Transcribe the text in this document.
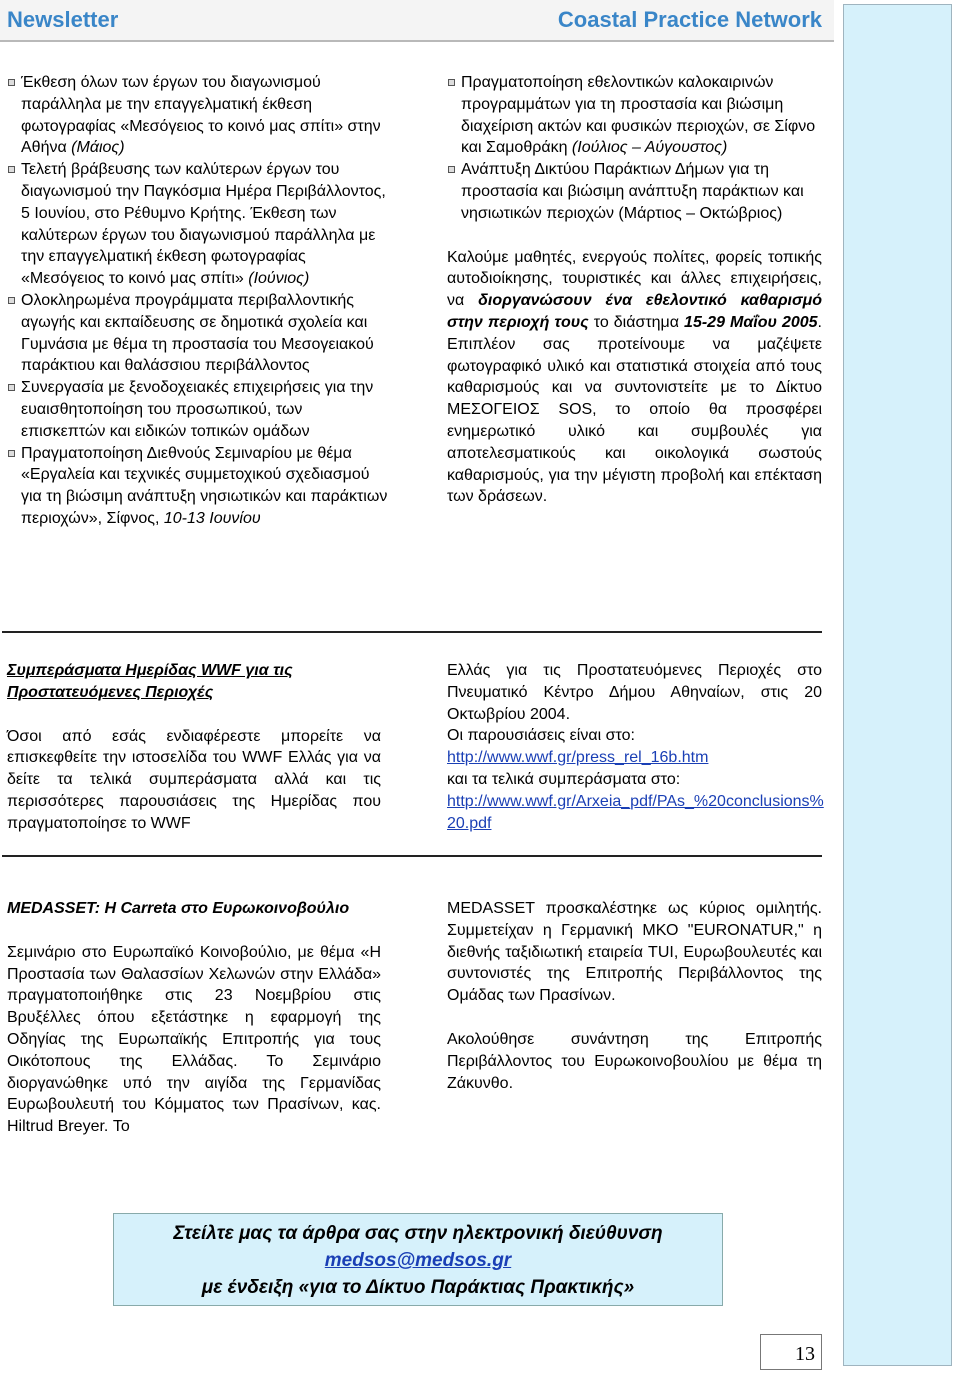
Newsletter	Coastal Practice Network
Έκθεση όλων των έργων του διαγωνισμού παράλληλα με την επαγγελματική έκθεση φωτογραφίας «Μεσόγειος το κοινό μας σπίτι» στην Αθήνα (Μάιος)
Τελετή βράβευσης των καλύτερων έργων του διαγωνισμού την Παγκόσμια Ημέρα Περιβάλλοντος, 5 Ιουνίου, στο Ρέθυμνο Κρήτης. Έκθεση των καλύτερων έργων του διαγωνισμού παράλληλα με την επαγγελματική έκθεση φωτογραφίας «Μεσόγειος το κοινό μας σπίτι» (Ιούνιος)
Ολοκληρωμένα προγράμματα περιβαλλοντικής αγωγής και εκπαίδευσης σε δημοτικά σχολεία και Γυμνάσια με θέμα τη προστασία του Μεσογειακού παράκτιου και θαλάσσιου περιβάλλοντος
Συνεργασία με ξενοδοχειακές επιχειρήσεις για την ευαισθητοποίηση του προσωπικού, των επισκεπτών και ειδικών τοπικών ομάδων
Πραγματοποίηση Διεθνούς Σεμιναρίου με θέμα «Εργαλεία και τεχνικές συμμετοχικού σχεδιασμού για τη βιώσιμη ανάπτυξη νησιωτικών και παράκτιων περιοχών», Σίφνος, 10-13 Ιουνίου
Πραγματοποίηση εθελοντικών καλοκαιρινών προγραμμάτων για τη προστασία και βιώσιμη διαχείριση ακτών και φυσικών περιοχών, σε Σίφνο και Σαμοθράκη (Ιούλιος – Αύγουστος)
Ανάπτυξη Δικτύου Παράκτιων Δήμων για τη προστασία και βιώσιμη ανάπτυξη παράκτιων και νησιωτικών περιοχών (Μάρτιος – Οκτώβριος)

Καλούμε μαθητές, ενεργούς πολίτες, φορείς τοπικής αυτοδιοίκησης, τουριστικές και άλλες επιχειρήσεις, να διοργανώσουν ένα εθελοντικό καθαρισμό στην περιοχή τους το διάστημα 15-29 Μαΐου 2005. Επιπλέον σας προτείνουμε να μαζέψετε φωτογραφικό υλικό και στατιστικά στοιχεία από τους καθαρισμούς και να συντονιστείτε με το Δίκτυο ΜΕΣΟΓΕΙΟΣ SOS, το οποίο θα προσφέρει ενημερωτικό υλικό και συμβουλές για αποτελεσματικούς και οικολογικά σωστούς καθαρισμούς, για την μέγιστη προβολή και επέκταση των δράσεων.

Συμπεράσματα Ημερίδας WWF για τις Προστατευόμενες Περιοχές

Όσοι από εσάς ενδιαφέρεστε μπορείτε να επισκεφθείτε την ιστοσελίδα του WWF Ελλάς για να δείτε τα τελικά συμπεράσματα αλλά και τις περισσότερες παρουσιάσεις της Ημερίδας που πραγματοποίησε το WWF

Ελλάς για τις Προστατευόμενες Περιοχές στο Πνευματικό Κέντρο Δήμου Αθηναίων, στις 20 Οκτωβρίου 2004.

Οι παρουσιάσεις είναι στο:

http://www.wwf.gr/press_rel_16b.htm

και τα τελικά συμπεράσματα στο:

http://www.wwf.gr/Arxeia_pdf/PAs_%20conclusions%20.pdf

MEDASSET: H Carreta στο Ευρωκοινοβούλιο

Σεμινάριο στο Ευρωπαϊκό Κοινοβούλιο, με θέμα «Η Προστασία των Θαλασσίων Χελωνών στην Ελλάδα» πραγματοποιήθηκε στις 23 Νοεμβρίου στις Βρυξέλλες όπου εξετάστηκε η εφαρμογή της Οδηγίας της Ευρωπαϊκής Επιτροπής για τους Οικότοπους της Ελλάδας. Το Σεμινάριο διοργανώθηκε υπό την αιγίδα της Γερμανίδας Ευρωβουλευτή του Κόμματος των Πρασίνων, κας. Hiltrud Breyer. Το

MEDASSET προσκαλέστηκε ως κύριος ομιλητής. Συμμετείχαν η Γερμανική ΜΚΟ "EURONATUR," η διεθνής ταξιδιωτική εταιρεία TUI, Ευρωβουλευτές και συντονιστές της Επιτροπής Περιβάλλοντος της Ομάδας των Πρασίνων.

Ακολούθησε συνάντηση της Επιτροπής Περιβάλλοντος του Ευρωκοινοβουλίου με θέμα τη Ζάκυνθο.

Στείλτε μας τα άρθρα σας στην ηλεκτρονική διεύθυνση

medsos@medsos.gr

με ένδειξη «για το Δίκτυο Παράκτιας Πρακτικής»

13
